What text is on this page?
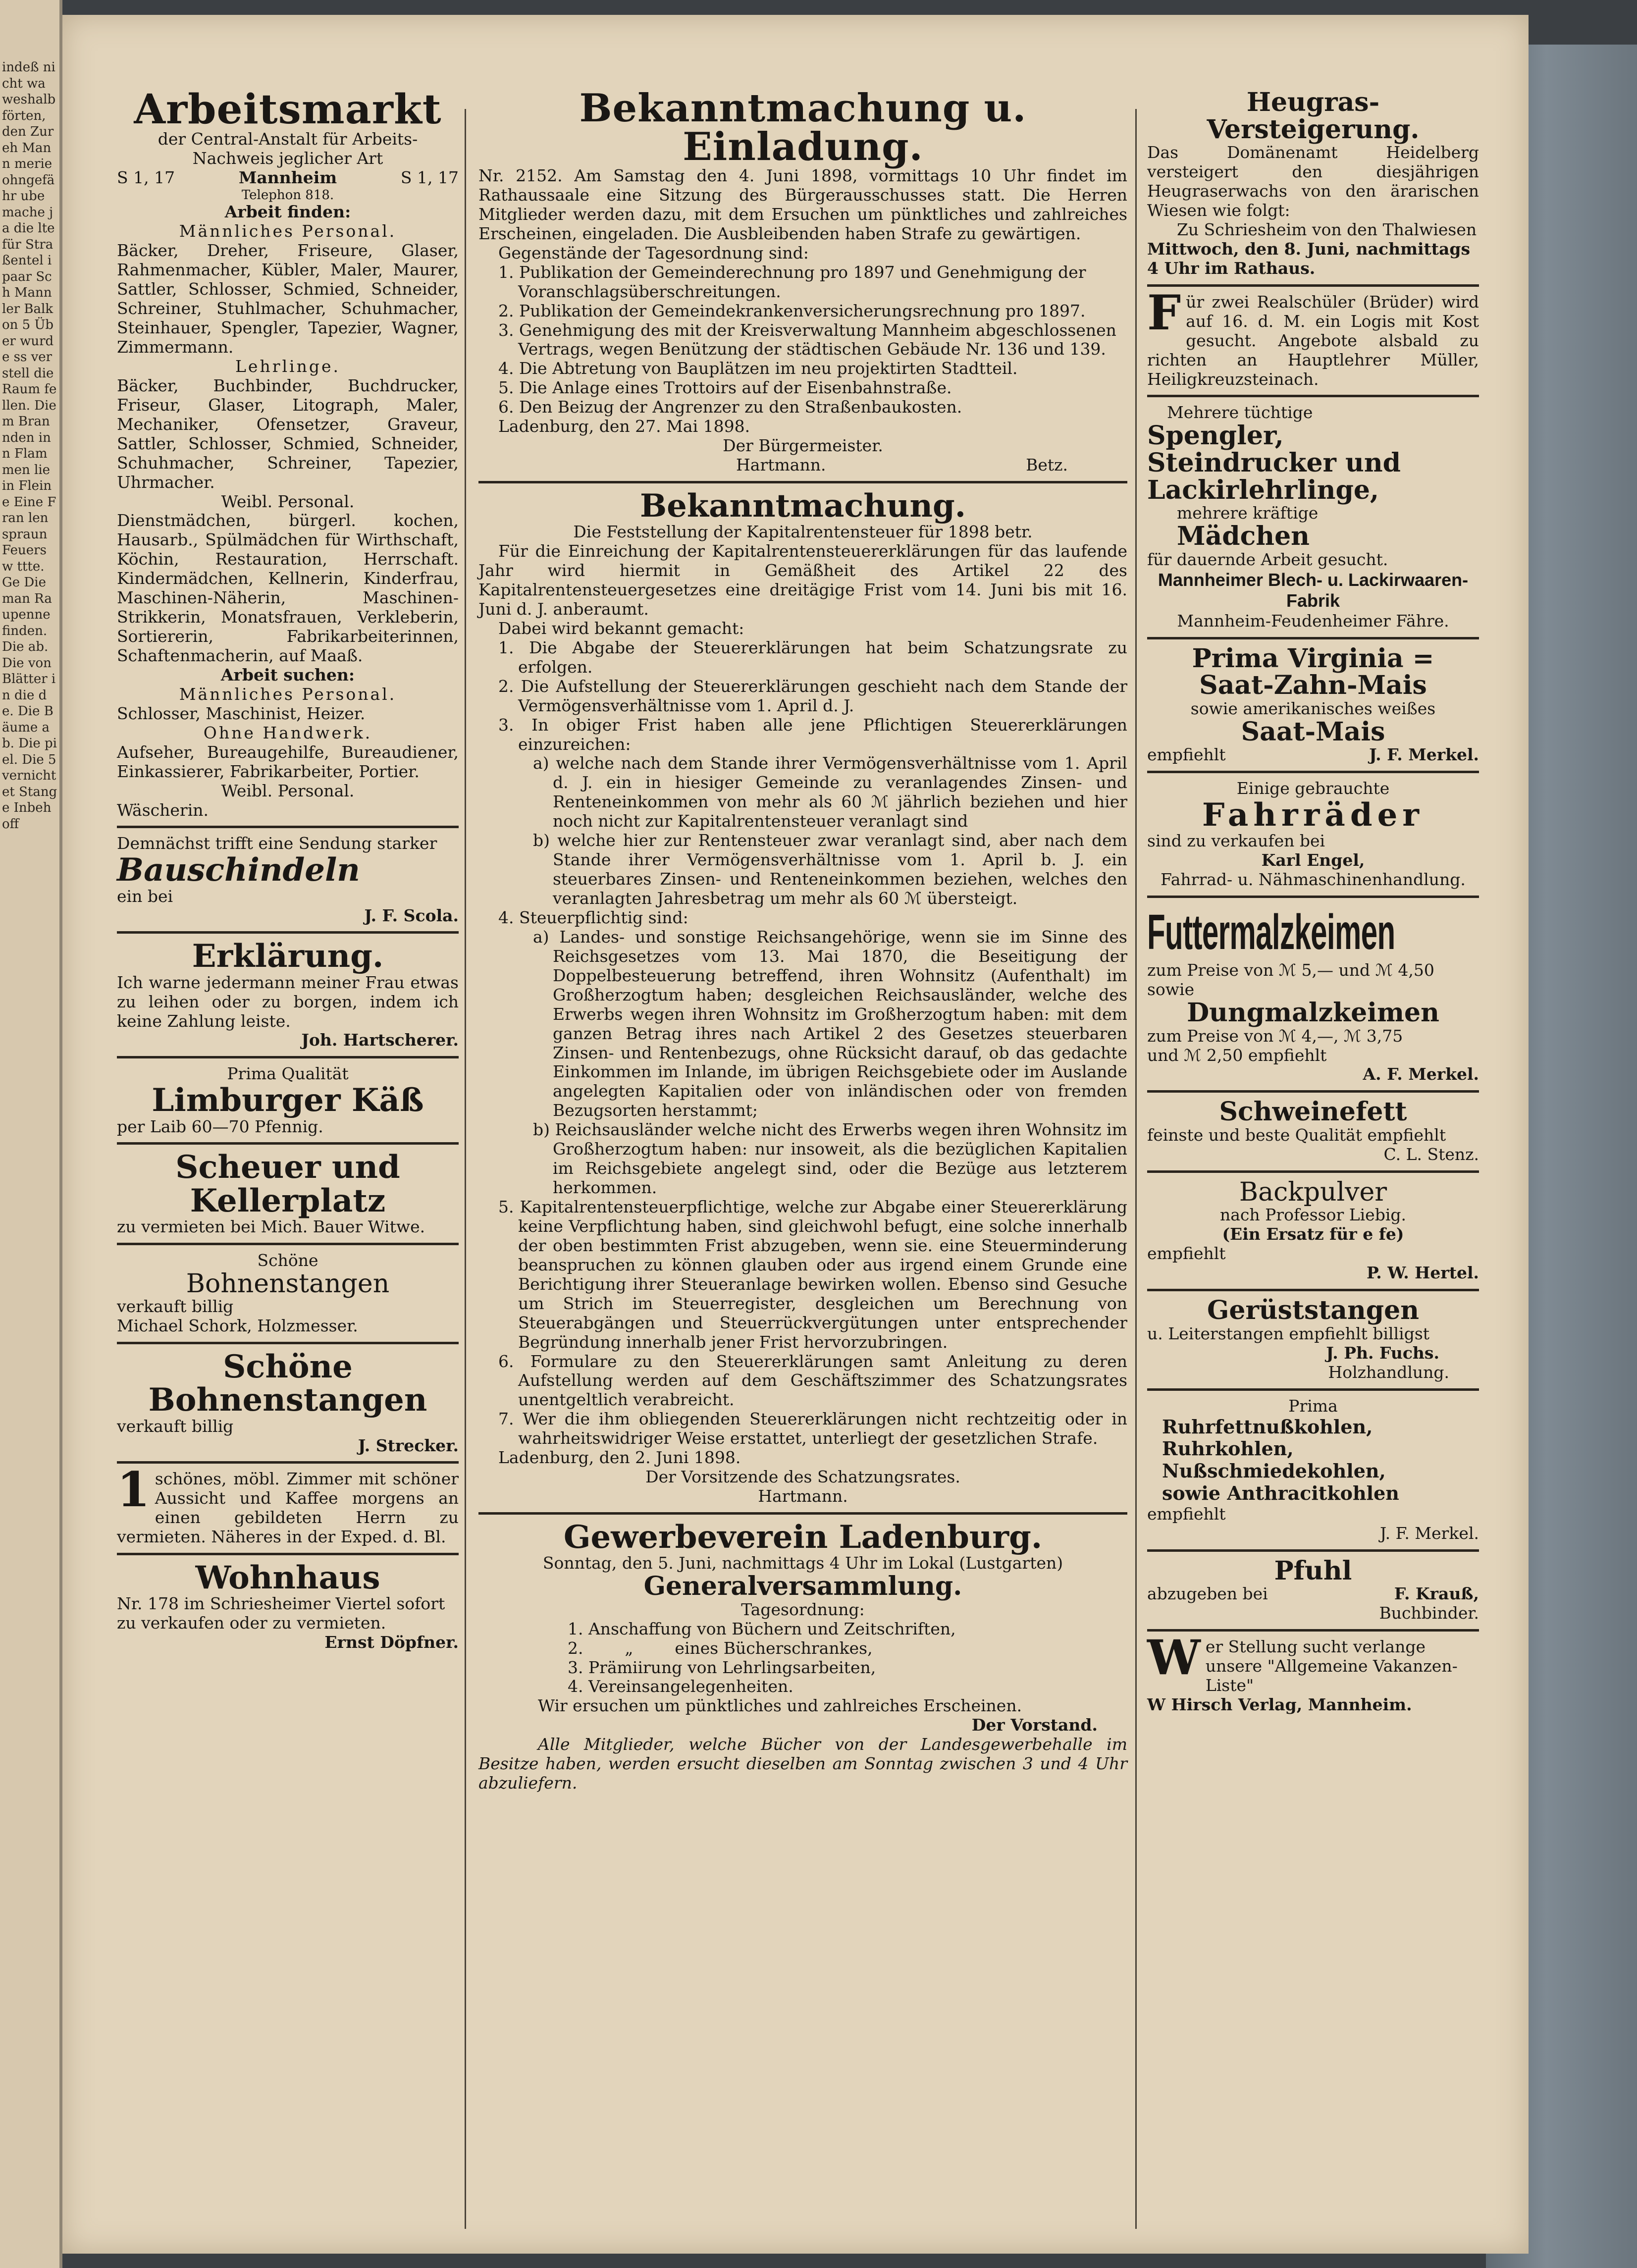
indeß nicht wa weshalb förten, den Zureh Mann merie ohngefähr ube mache ja die lte für Straßentel ipaar Sch Mann ler Balkon 5 Über wurde ss verstell die Raum fellen. Die m Bran nden in n Flammen lie in Fleine Eine Fran len spraun Feuers w ttte. Ge Die man Raupenne finden. Die ab. Die von Blätter in die de. Die Bäume ab. Die piel. Die 5 vernichtet Stange Inbehoff
Arbeitsmarkt

der Central-Anstalt für Arbeits-

Nachweis jeglicher Art

S 1, 17	Mannheim	S 1, 17

Telephon 818.

Arbeit finden:

Männliches Personal.

Bäcker, Dreher, Friseure, Glaser, Rahmenmacher, Kübler, Maler, Maurer, Sattler, Schlosser, Schmied, Schneider, Schreiner, Stuhlmacher, Schuhmacher, Steinhauer, Spengler, Tapezier, Wagner, Zimmermann.

Lehrlinge.

Bäcker, Buchbinder, Buchdrucker, Friseur, Glaser, Litograph, Maler, Mechaniker, Ofensetzer, Graveur, Sattler, Schlosser, Schmied, Schneider, Schuhmacher, Schreiner, Tapezier, Uhrmacher.

Weibl. Personal.

Dienstmädchen, bürgerl. kochen, Hausarb., Spülmädchen für Wirthschaft, Köchin, Restauration, Herrschaft. Kindermädchen, Kellnerin, Kinderfrau, Maschinen-Näherin, Maschinen-Strikkerin, Monatsfrauen, Verkleberin, Sortiererin, Fabrikarbeiterinnen, Schaftenmacherin, auf Maaß.

Arbeit suchen:

Männliches Personal.

Schlosser, Maschinist, Heizer.

Ohne Handwerk.

Aufseher, Bureaugehilfe, Bureaudiener, Einkassierer, Fabrikarbeiter, Portier.

Weibl. Personal.

Wäscherin.

Demnächst trifft eine Sendung starker

Bauschindeln

ein bei

J. F. Scola.

Erklärung.

Ich warne jedermann meiner Frau etwas zu leihen oder zu borgen, indem ich keine Zahlung leiste.

Joh. Hartscherer.

Prima Qualität

Limburger Käß

per Laib 60—70 Pfennig.

Scheuer und
Kellerplatz

zu vermieten bei Mich. Bauer Witwe.

Schöne

Bohnenstangen

verkauft billig

Michael Schork, Holzmesser.

Schöne
Bohnenstangen

verkauft billig

J. Strecker.

1 schönes, möbl. Zimmer mit schöner Aussicht und Kaffee morgens an einen gebildeten Herrn zu vermieten. Näheres in der Exped. d. Bl.

Wohnhaus

Nr. 178 im Schriesheimer Viertel sofort zu verkaufen oder zu vermieten.

Ernst Döpfner.

Bekanntmachung u. Einladung.

Nr. 2152. Am Samstag den 4. Juni 1898, vormittags 10 Uhr findet im Rathaussaale eine Sitzung des Bürgerausschusses statt. Die Herren Mitglieder werden dazu, mit dem Ersuchen um pünktliches und zahlreiches Erscheinen, eingeladen. Die Ausbleibenden haben Strafe zu gewärtigen.

Gegenstände der Tagesordnung sind:

1. Publikation der Gemeinderechnung pro 1897 und Genehmigung der Voranschlagsüberschreitungen.
2. Publikation der Gemeindekrankenversicherungsrechnung pro 1897.
3. Genehmigung des mit der Kreisverwaltung Mannheim abgeschlossenen Vertrags, wegen Benützung der städtischen Gebäude Nr. 136 und 139.
4. Die Abtretung von Bauplätzen im neu projektirten Stadtteil.
5. Die Anlage eines Trottoirs auf der Eisenbahnstraße.
6. Den Beizug der Angrenzer zu den Straßenbaukosten.

Ladenburg, den 27. Mai 1898.

Der Bürgermeister.

Hartmann.	Betz.
Bekanntmachung.

Die Feststellung der Kapitalrentensteuer für 1898 betr.

Für die Einreichung der Kapitalrentensteuererklärungen für das laufende Jahr wird hiermit in Gemäßheit des Artikel 22 des Kapitalrentensteuergesetzes eine dreitägige Frist vom 14. Juni bis mit 16. Juni d. J. anberaumt.

Dabei wird bekannt gemacht:

1. Die Abgabe der Steuererklärungen hat beim Schatzungsrate zu erfolgen.
2. Die Aufstellung der Steuererklärungen geschieht nach dem Stande der Vermögensverhältnisse vom 1. April d. J.
3. In obiger Frist haben alle jene Pflichtigen Steuererklärungen einzureichen:
a) welche nach dem Stande ihrer Vermögensverhältnisse vom 1. April d. J. ein in hiesiger Gemeinde zu veranlagendes Zinsen- und Renteneinkommen von mehr als 60 ℳ jährlich beziehen und hier noch nicht zur Kapitalrentensteuer veranlagt sind
b) welche hier zur Rentensteuer zwar veranlagt sind, aber nach dem Stande ihrer Vermögensverhältnisse vom 1. April b. J. ein steuerbares Zinsen- und Renteneinkommen beziehen, welches den veranlagten Jahresbetrag um mehr als 60 ℳ übersteigt.
4. Steuerpflichtig sind:
a) Landes- und sonstige Reichsangehörige, wenn sie im Sinne des Reichsgesetzes vom 13. Mai 1870, die Beseitigung der Doppelbesteuerung betreffend, ihren Wohnsitz (Aufenthalt) im Großherzogtum haben; desgleichen Reichsausländer, welche des Erwerbs wegen ihren Wohnsitz im Großherzogtum haben: mit dem ganzen Betrag ihres nach Artikel 2 des Gesetzes steuerbaren Zinsen- und Rentenbezugs, ohne Rücksicht darauf, ob das gedachte Einkommen im Inlande, im übrigen Reichsgebiete oder im Auslande angelegten Kapitalien oder von inländischen oder von fremden Bezugsorten herstammt;
b) Reichsausländer welche nicht des Erwerbs wegen ihren Wohnsitz im Großherzogtum haben: nur insoweit, als die bezüglichen Kapitalien im Reichsgebiete angelegt sind, oder die Bezüge aus letzterem herkommen.
5. Kapitalrentensteuerpflichtige, welche zur Abgabe einer Steuererklärung keine Verpflichtung haben, sind gleichwohl befugt, eine solche innerhalb der oben bestimmten Frist abzugeben, wenn sie. eine Steuerminderung beanspruchen zu können glauben oder aus irgend einem Grunde eine Berichtigung ihrer Steueranlage bewirken wollen. Ebenso sind Gesuche um Strich im Steuerregister, desgleichen um Berechnung von Steuerabgängen und Steuerrückvergütungen unter entsprechender Begründung innerhalb jener Frist hervorzubringen.
6. Formulare zu den Steuererklärungen samt Anleitung zu deren Aufstellung werden auf dem Geschäftszimmer des Schatzungsrates unentgeltlich verabreicht.
7. Wer die ihm obliegenden Steuererklärungen nicht rechtzeitig oder in wahrheitswidriger Weise erstattet, unterliegt der gesetzlichen Strafe.

Ladenburg, den 2. Juni 1898.

Der Vorsitzende des Schatzungsrates.

Hartmann.

Gewerbeverein Ladenburg.

Sonntag, den 5. Juni, nachmittags 4 Uhr im Lokal (Lustgarten)

Generalversammlung.

Tagesordnung:

1. Anschaffung von Büchern und Zeitschriften,
2.        „        eines Bücherschrankes,
3. Prämiirung von Lehrlingsarbeiten,
4. Vereinsangelegenheiten.

Wir ersuchen um pünktliches und zahlreiches Erscheinen.

Der Vorstand.

Alle Mitglieder, welche Bücher von der Landesgewerbehalle im Besitze haben, werden ersucht dieselben am Sonntag zwischen 3 und 4 Uhr abzuliefern.

Heugras-
Versteigerung.

Das Domänenamt Heidelberg versteigert den diesjährigen Heugraserwachs von den ärarischen Wiesen wie folgt:

Zu Schriesheim von den Thalwiesen

Mittwoch, den 8. Juni, nachmittags 4 Uhr im Rathaus.

F ür zwei Realschüler (Brüder) wird auf 16. d. M. ein Logis mit Kost gesucht. Angebote alsbald zu richten an Hauptlehrer Müller, Heiligkreuzsteinach.

Mehrere tüchtige

Spengler,
Steindrucker und
Lackirlehrlinge,

mehrere kräftige

Mädchen

für dauernde Arbeit gesucht.

Mannheimer Blech- u. Lackirwaaren-

Fabrik

Mannheim-Feudenheimer Fähre.

Prima Virginia =
Saat-Zahn-Mais

sowie amerikanisches weißes

Saat-Mais
empfiehlt	J. F. Merkel.

Einige gebrauchte

Fahrräder

sind zu verkaufen bei

Karl Engel,

Fahrrad- u. Nähmaschinenhandlung.

Futtermalzkeimen

zum Preise von ℳ 5,— und ℳ 4,50

sowie

Dungmalzkeimen

zum Preise von ℳ 4,—, ℳ 3,75

und ℳ 2,50 empfiehlt

A. F. Merkel.

Schweinefett

feinste und beste Qualität empfiehlt

C. L. Stenz.

Backpulver

nach Professor Liebig.

(Ein Ersatz für e fe)

empfiehlt

P. W. Hertel.

Gerüststangen

u. Leiterstangen empfiehlt billigst

J. Ph. Fuchs.

Holzhandlung.

Prima

Ruhrfettnußkohlen,

Ruhrkohlen,

Nußschmiedekohlen,

sowie Anthracitkohlen

empfiehlt

J. F. Merkel.

Pfuhl
abzugeben bei	F. Krauß,

Buchbinder.

W er Stellung sucht verlange unsere "Allgemeine Vakanzen-Liste"

W Hirsch Verlag, Mannheim.
